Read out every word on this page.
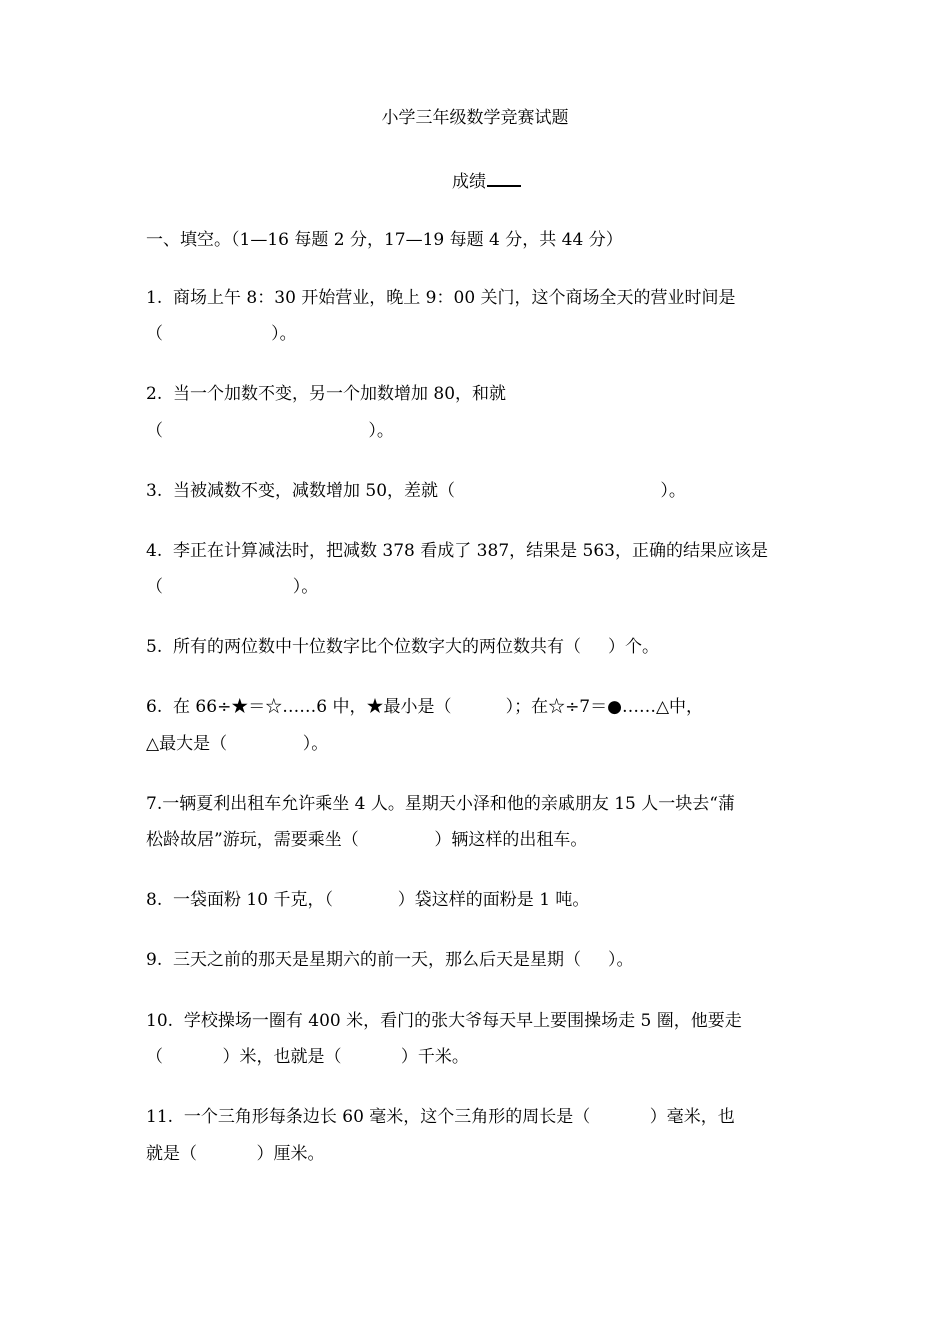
小学三年级数学竞赛试题
成绩
一、填空。（1—16 每题 2 分，17—19 每题 4 分，共 44 分）
1.  商场上午 8：30 开始营业，晚上 9：00 关门，这个商场全天的营业时间是
（                    ）。
2.  当一个加数不变，另一个加数增加 80，和就
（                                      ）。
3.  当被减数不变，减数增加 50，差就（                                      ）。
4.  李正在计算减法时，把减数 378 看成了 387，结果是 563，正确的结果应该是
（                        ）。
5.  所有的两位数中十位数字比个位数字大的两位数共有（     ）个。
6.  在 66÷★＝☆……6 中，★最小是（          ）；在☆÷7＝●……△中，
△最大是（              ）。
7.一辆夏利出租车允许乘坐 4 人。星期天小泽和他的亲戚朋友 15 人一块去“蒲
松龄故居”游玩，需要乘坐（              ）辆这样的出租车。
8.  一袋面粉 10 千克，（            ）袋这样的面粉是 1 吨。
9.  三天之前的那天是星期六的前一天，那么后天是星期（     ）。
10.  学校操场一圈有 400 米，看门的张大爷每天早上要围操场走 5 圈，他要走
（           ）米，也就是（           ）千米。
11.  一个三角形每条边长 60 毫米，这个三角形的周长是（           ）毫米，也
就是（           ）厘米。
